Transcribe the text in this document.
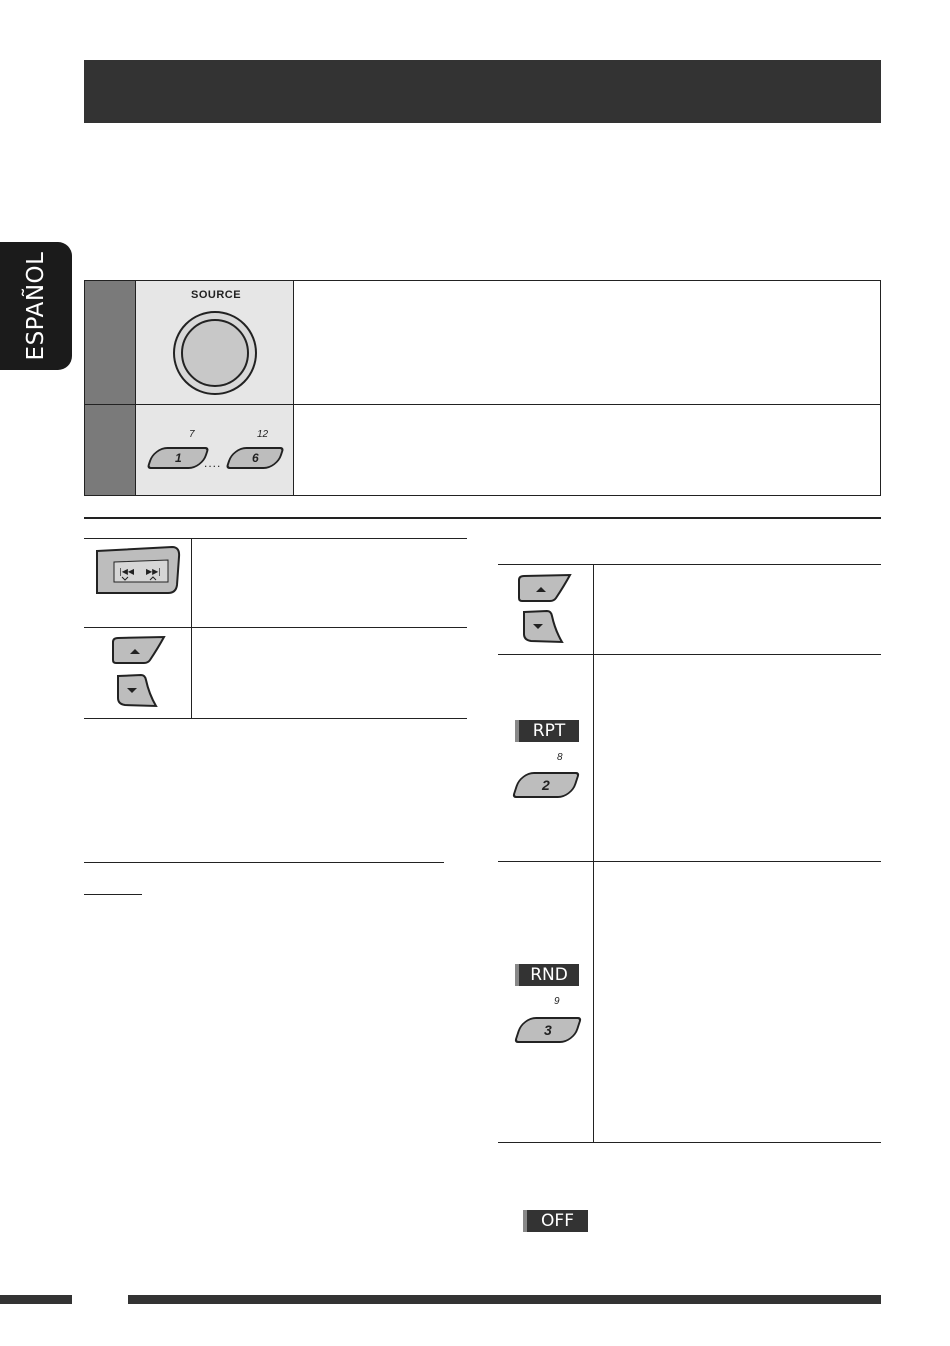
ESPAÑOL	SOURCE
7	12
1	....	6
|◀◀ ▶▶|
RPT
8
2
RND
9
3
OFF
